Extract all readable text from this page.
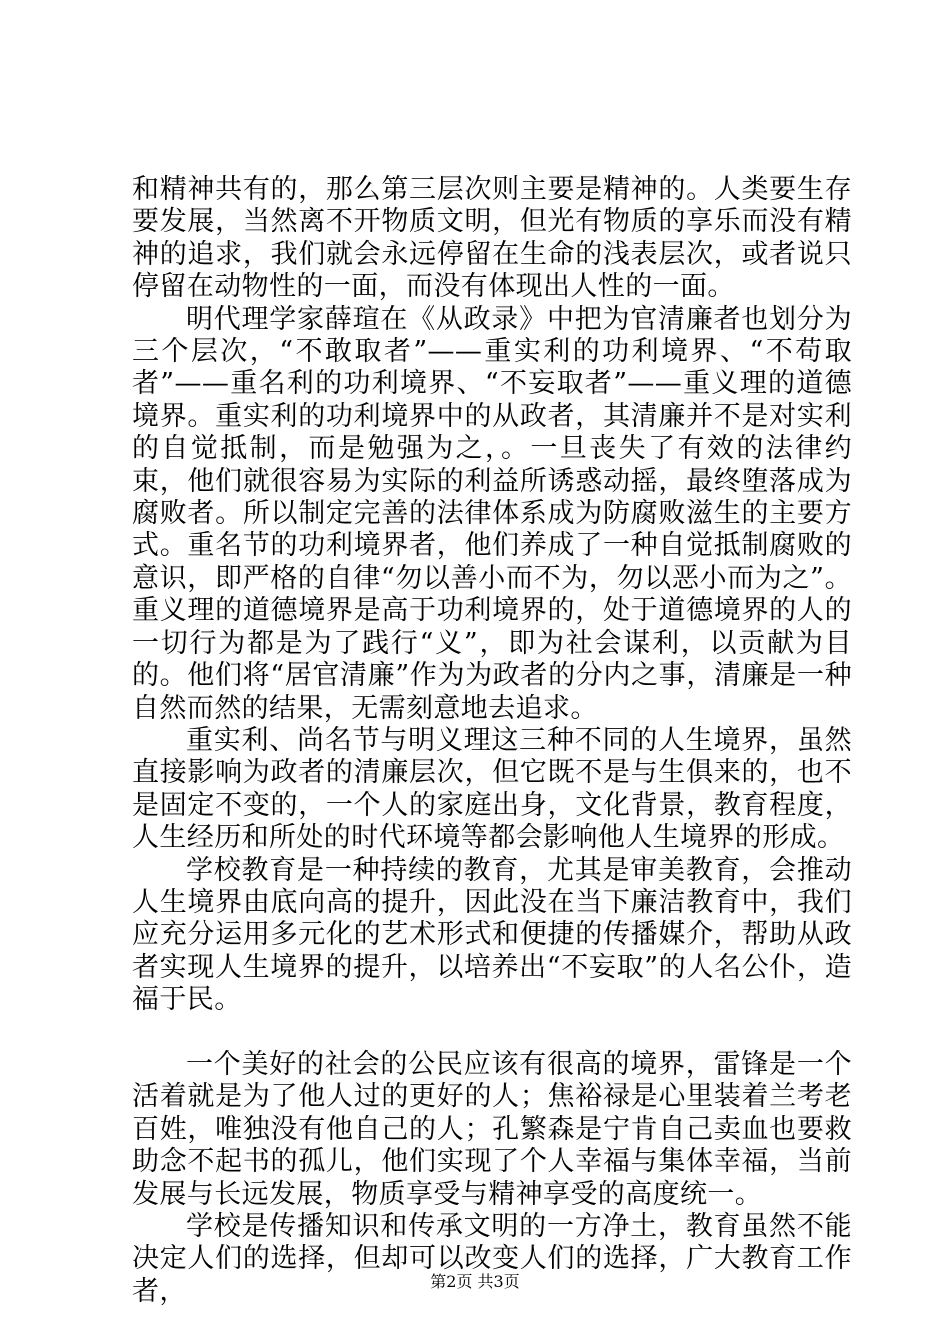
和精神共有的，那么第三层次则主要是精神的。人类要生存要发展，当然离不开物质文明，但光有物质的享乐而没有精神的追求，我们就会永远停留在生命的浅表层次，或者说只停留在动物性的一面，而没有体现出人性的一面。

明代理学家薛瑄在《从政录》中把为官清廉者也划分为三个层次，“不敢取者”——重实利的功利境界、“不苟取者”——重名利的功利境界、“不妄取者”——重义理的道德境界。重实利的功利境界中的从政者，其清廉并不是对实利的自觉抵制，而是勉强为之，。一旦丧失了有效的法律约束，他们就很容易为实际的利益所诱惑动摇，最终堕落成为腐败者。所以制定完善的法律体系成为防腐败滋生的主要方式。重名节的功利境界者，他们养成了一种自觉抵制腐败的意识，即严格的自律“勿以善小而不为，勿以恶小而为之”。重义理的道德境界是高于功利境界的，处于道德境界的人的一切行为都是为了践行“义”，即为社会谋利，以贡献为目的。他们将“居官清廉”作为为政者的分内之事，清廉是一种自然而然的结果，无需刻意地去追求。

重实利、尚名节与明义理这三种不同的人生境界，虽然直接影响为政者的清廉层次，但它既不是与生俱来的，也不是固定不变的，一个人的家庭出身，文化背景，教育程度，人生经历和所处的时代环境等都会影响他人生境界的形成。

学校教育是一种持续的教育，尤其是审美教育，会推动人生境界由底向高的提升，因此没在当下廉洁教育中，我们应充分运用多元化的艺术形式和便捷的传播媒介，帮助从政者实现人生境界的提升，以培养出“不妄取”的人名公仆，造福于民。

一个美好的社会的公民应该有很高的境界，雷锋是一个活着就是为了他人过的更好的人；焦裕禄是心里装着兰考老百姓，唯独没有他自己的人；孔繁森是宁肯自己卖血也要救助念不起书的孤儿，他们实现了个人幸福与集体幸福，当前发展与长远发展，物质享受与精神享受的高度统一。

学校是传播知识和传承文明的一方净土，教育虽然不能决定人们的选择，但却可以改变人们的选择，广大教育工作者，	第2页 共3页
